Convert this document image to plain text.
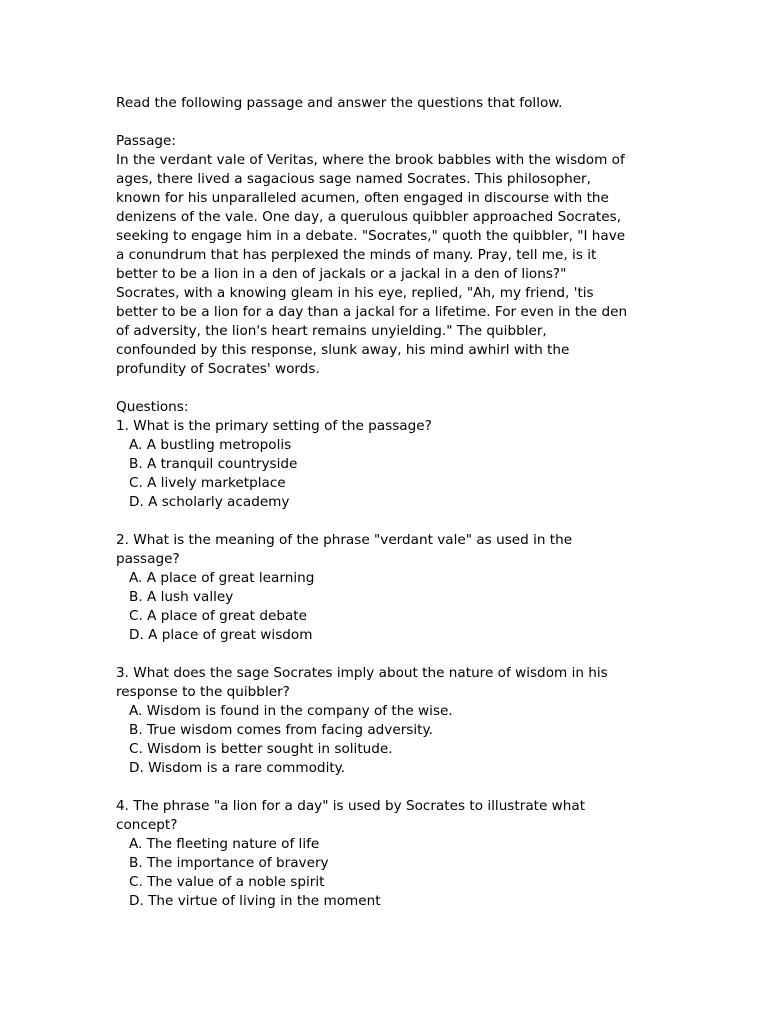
Read the following passage and answer the questions that follow.
Passage:
In the verdant vale of Veritas, where the brook babbles with the wisdom of
ages, there lived a sagacious sage named Socrates. This philosopher,
known for his unparalleled acumen, often engaged in discourse with the
denizens of the vale. One day, a querulous quibbler approached Socrates,
seeking to engage him in a debate. "Socrates," quoth the quibbler, "I have
a conundrum that has perplexed the minds of many. Pray, tell me, is it
better to be a lion in a den of jackals or a jackal in a den of lions?"
Socrates, with a knowing gleam in his eye, replied, "Ah, my friend, 'tis
better to be a lion for a day than a jackal for a lifetime. For even in the den
of adversity, the lion's heart remains unyielding." The quibbler,
confounded by this response, slunk away, his mind awhirl with the
profundity of Socrates' words.
Questions:
1. What is the primary setting of the passage?
A. A bustling metropolis
B. A tranquil countryside
C. A lively marketplace
D. A scholarly academy
2. What is the meaning of the phrase "verdant vale" as used in the
passage?
A. A place of great learning
B. A lush valley
C. A place of great debate
D. A place of great wisdom
3. What does the sage Socrates imply about the nature of wisdom in his
response to the quibbler?
A. Wisdom is found in the company of the wise.
B. True wisdom comes from facing adversity.
C. Wisdom is better sought in solitude.
D. Wisdom is a rare commodity.
4. The phrase "a lion for a day" is used by Socrates to illustrate what
concept?
A. The fleeting nature of life
B. The importance of bravery
C. The value of a noble spirit
D. The virtue of living in the moment
